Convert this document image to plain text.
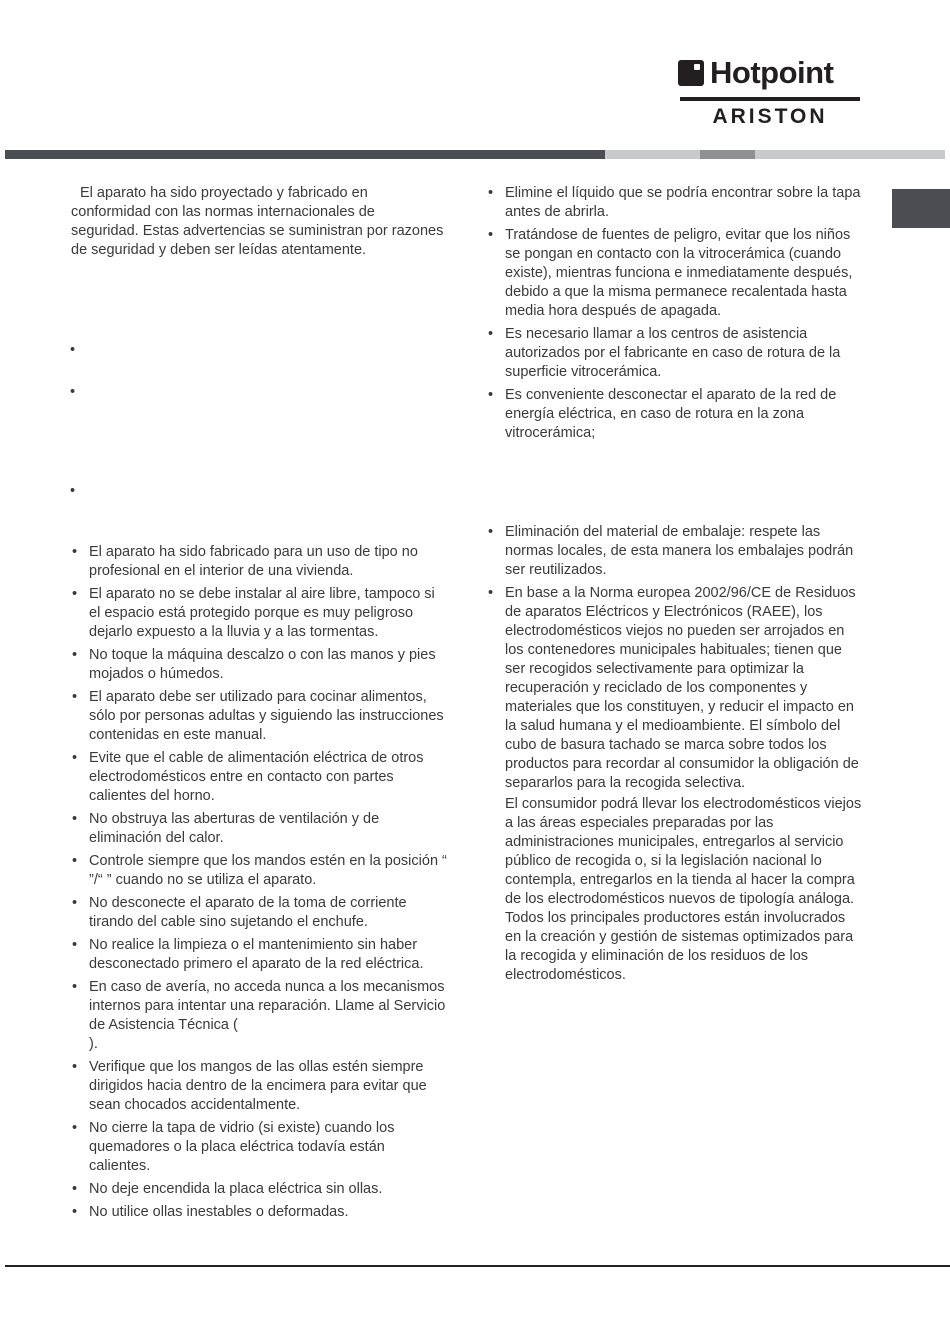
Hotpoint
ARISTON

El aparato ha sido proyectado y fabricado en conformidad con las normas internacionales de seguridad. Estas advertencias se suministran por razones de seguridad y deben ser leídas atentamente.

•
•
•
• El aparato ha sido fabricado para un uso de tipo no profesional en el interior de una vivienda.
• El aparato no se debe instalar al aire libre, tampoco si el espacio está protegido porque es muy peligroso dejarlo expuesto a la lluvia y a las tormentas.
• No toque la máquina descalzo o con las manos y pies mojados o húmedos.
• El aparato debe ser utilizado para cocinar alimentos, sólo por personas adultas y siguiendo las instrucciones contenidas en este manual.
• Evite que el cable de alimentación eléctrica de otros electrodomésticos entre en contacto con partes calientes del horno.
• No obstruya las aberturas de ventilación y de eliminación del calor.
• Controle siempre que los mandos estén en la posición “ ”/“ ” cuando no se utiliza el aparato.
• No desconecte el aparato de la toma de corriente tirando del cable sino sujetando el enchufe.
• No realice la limpieza o el mantenimiento sin haber desconectado primero el aparato de la red eléctrica.
• En caso de avería, no acceda nunca a los mecanismos internos para intentar una reparación. Llame al Servicio de Asistencia Técnica (
).
• Verifique que los mangos de las ollas estén siempre dirigidos hacia dentro de la encimera para evitar que sean chocados accidentalmente.
• No cierre la tapa de vidrio (si existe) cuando los quemadores o la placa eléctrica todavía están calientes.
• No deje encendida la placa eléctrica sin ollas.
• No utilice ollas inestables o deformadas.
• Elimine el líquido que se podría encontrar sobre la tapa antes de abrirla.
• Tratándose de fuentes de peligro, evitar que los niños se pongan en contacto con la vitrocerámica (cuando existe), mientras funciona e inmediatamente después, debido a que la misma permanece recalentada hasta media hora después de apagada.
• Es necesario llamar a los centros de asistencia autorizados por el fabricante en caso de rotura de la superficie vitrocerámica.
• Es conveniente desconectar el aparato de la red de energía eléctrica, en caso de rotura en la zona vitrocerámica;
• Eliminación del material de embalaje: respete las normas locales, de esta manera los embalajes podrán ser reutilizados.
• En base a la Norma europea 2002/96/CE de Residuos de aparatos Eléctricos y Electrónicos (RAEE), los electrodomésticos viejos no pueden ser arrojados en los contenedores municipales habituales; tienen que ser recogidos selectivamente para optimizar la recuperación y reciclado de los componentes y materiales que los constituyen, y reducir el impacto en la salud humana y el medioambiente. El símbolo del cubo de basura tachado se marca sobre todos los productos para recordar al consumidor la obligación de separarlos para la recogida selectiva.

El consumidor podrá llevar los electrodomésticos viejos a las áreas especiales preparadas por las administraciones municipales, entregarlos al servicio público de recogida o, si la legislación nacional lo contempla, entregarlos en la tienda al hacer la compra de los electrodomésticos nuevos de tipología análoga.

Todos los principales productores están involucrados en la creación y gestión de sistemas optimizados para la recogida y eliminación de los residuos de los electrodomésticos.
